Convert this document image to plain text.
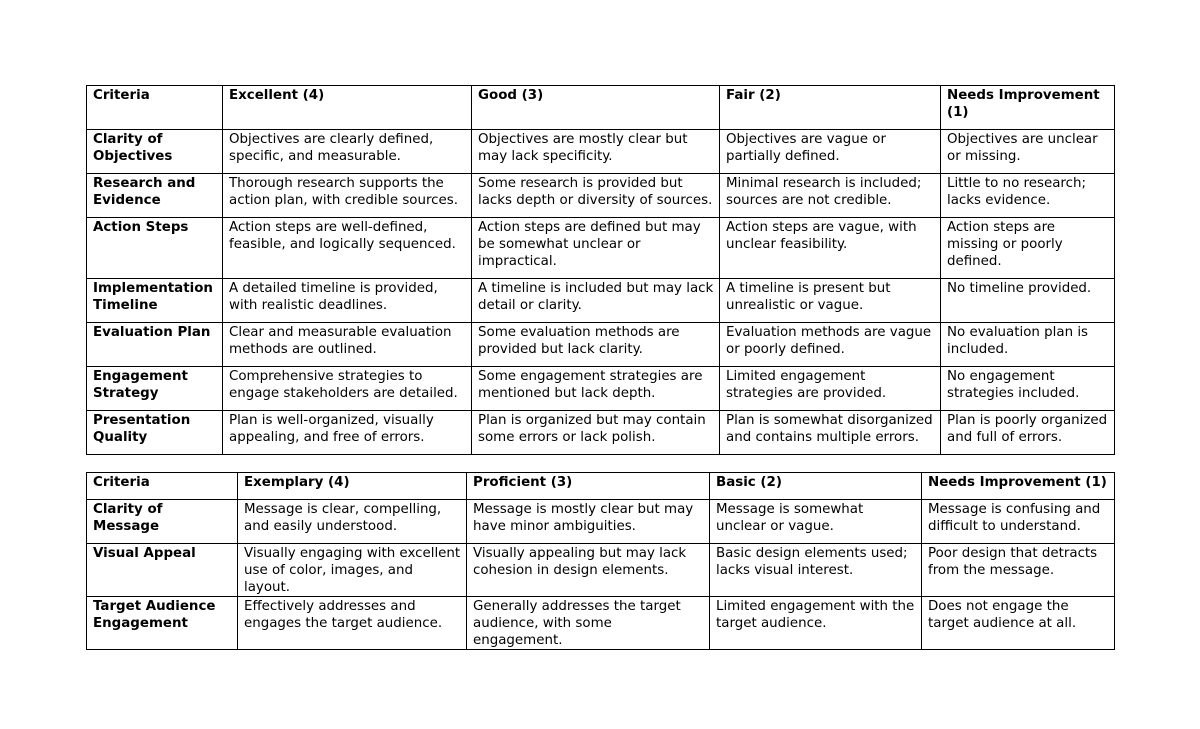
Criteria	Excellent (4)	Good (3)	Fair (2)	Needs Improvement (1)
Clarity of Objectives	Objectives are clearly defined, specific, and measurable.	Objectives are mostly clear but may lack specificity.	Objectives are vague or partially defined.	Objectives are unclear or missing.
Research and Evidence	Thorough research supports the action plan, with credible sources.	Some research is provided but lacks depth or diversity of sources.	Minimal research is included; sources are not credible.	Little to no research; lacks evidence.
Action Steps	Action steps are well-defined, feasible, and logically sequenced.	Action steps are defined but may be somewhat unclear or impractical.	Action steps are vague, with unclear feasibility.	Action steps are missing or poorly defined.
Implementation Timeline	A detailed timeline is provided, with realistic deadlines.	A timeline is included but may lack detail or clarity.	A timeline is present but unrealistic or vague.	No timeline provided.
Evaluation Plan	Clear and measurable evaluation methods are outlined.	Some evaluation methods are provided but lack clarity.	Evaluation methods are vague or poorly defined.	No evaluation plan is included.
Engagement Strategy	Comprehensive strategies to engage stakeholders are detailed.	Some engagement strategies are mentioned but lack depth.	Limited engagement strategies are provided.	No engagement strategies included.
Presentation Quality	Plan is well-organized, visually appealing, and free of errors.	Plan is organized but may contain some errors or lack polish.	Plan is somewhat disorganized and contains multiple errors.	Plan is poorly organized and full of errors.
Criteria	Exemplary (4)	Proficient (3)	Basic (2)	Needs Improvement (1)
Clarity of Message	Message is clear, compelling, and easily understood.	Message is mostly clear but may have minor ambiguities.	Message is somewhat unclear or vague.	Message is confusing and difficult to understand.
Visual Appeal	Visually engaging with excellent use of color, images, and layout.	Visually appealing but may lack cohesion in design elements.	Basic design elements used; lacks visual interest.	Poor design that detracts from the message.
Target Audience Engagement	Effectively addresses and engages the target audience.	Generally addresses the target audience, with some engagement.	Limited engagement with the target audience.	Does not engage the target audience at all.
